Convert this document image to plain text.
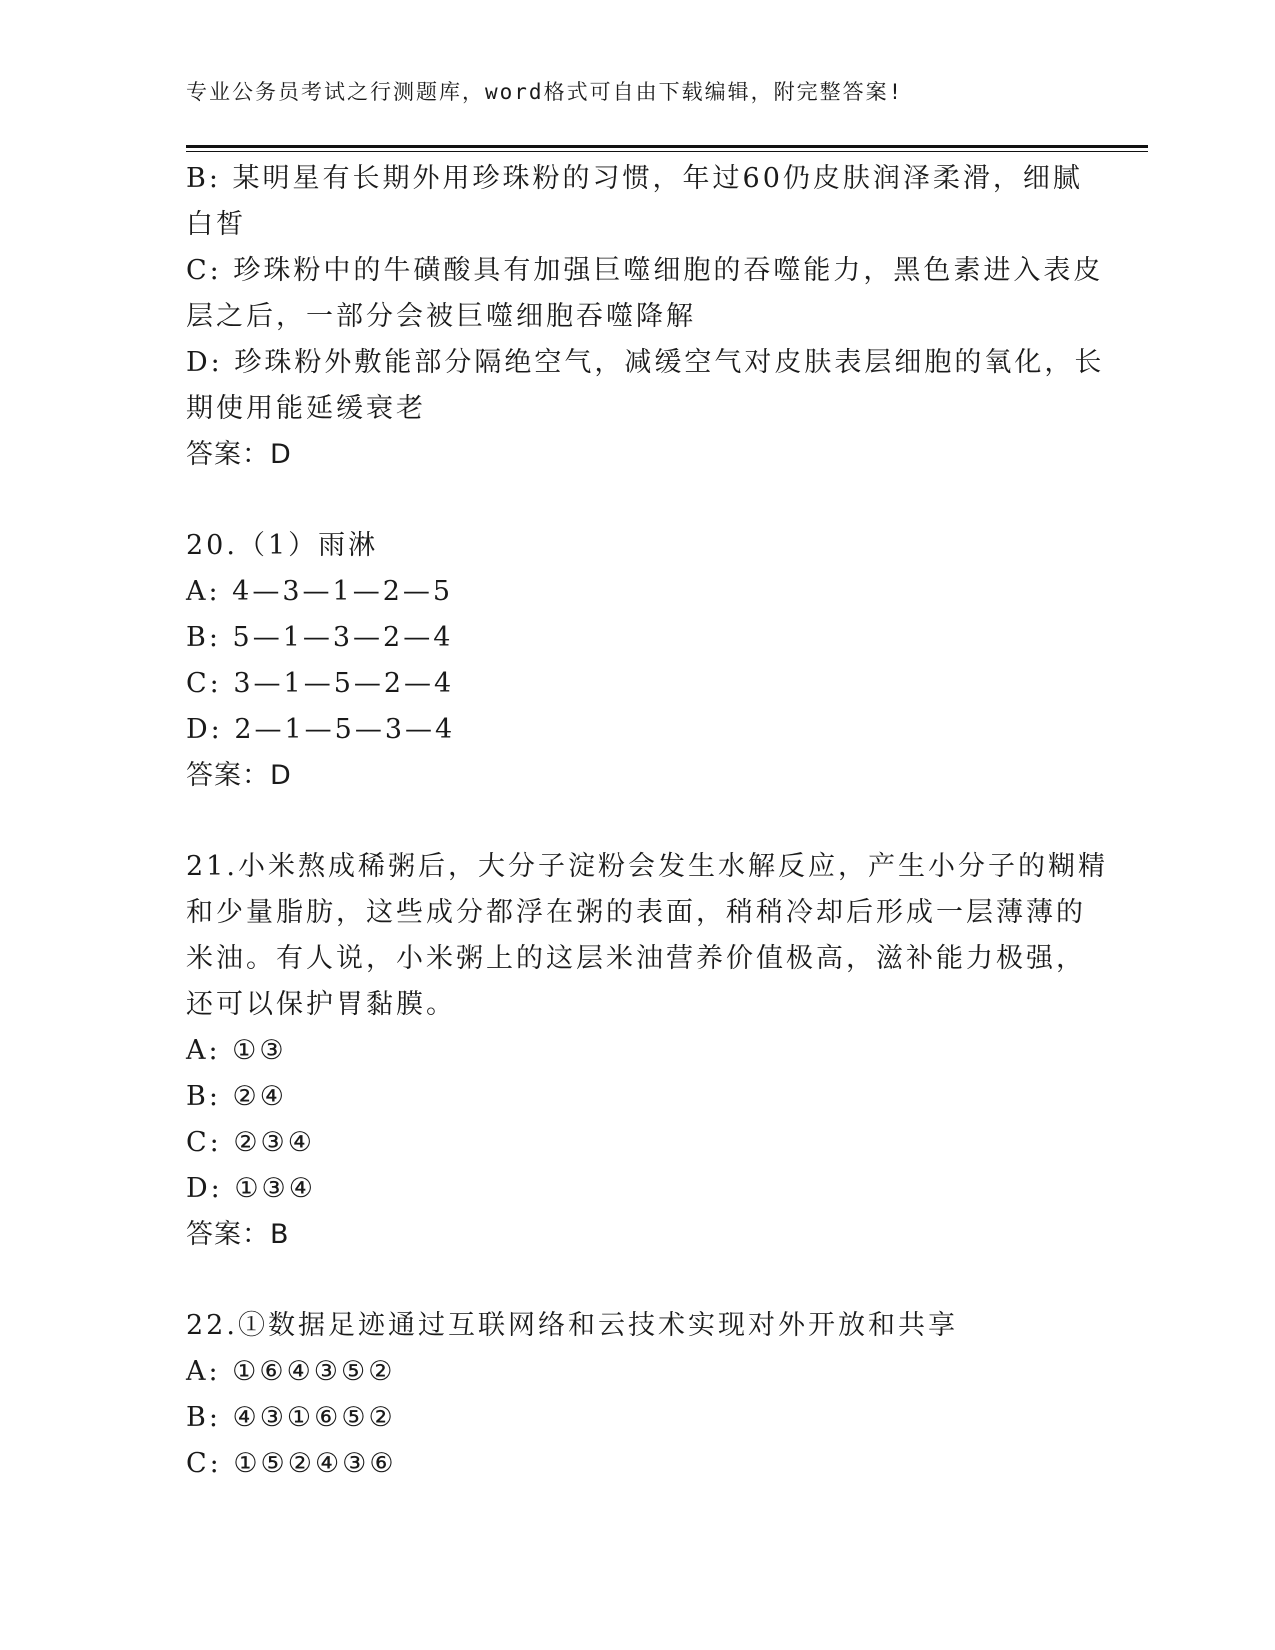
专业公务员考试之行测题库，word格式可自由下载编辑，附完整答案!
B: 某明星有长期外用珍珠粉的习惯，年过60仍皮肤润泽柔滑，细腻
白皙
C: 珍珠粉中的牛磺酸具有加强巨噬细胞的吞噬能力，黑色素进入表皮
层之后，一部分会被巨噬细胞吞噬降解
D: 珍珠粉外敷能部分隔绝空气，减缓空气对皮肤表层细胞的氧化，长
期使用能延缓衰老
答案：D
20.（1）雨淋
A: 4—3—1—2—5
B: 5—1—3—2—4
C: 3—1—5—2—4
D: 2—1—5—3—4
答案：D
21.小米熬成稀粥后，大分子淀粉会发生水解反应，产生小分子的糊精
和少量脂肪，这些成分都浮在粥的表面，稍稍冷却后形成一层薄薄的
米油。有人说，小米粥上的这层米油营养价值极高，滋补能力极强，
还可以保护胃黏膜。
A: ①③
B: ②④
C: ②③④
D: ①③④
答案：B
22.①数据足迹通过互联网络和云技术实现对外开放和共享
A: ①⑥④③⑤②
B: ④③①⑥⑤②
C: ①⑤②④③⑥
